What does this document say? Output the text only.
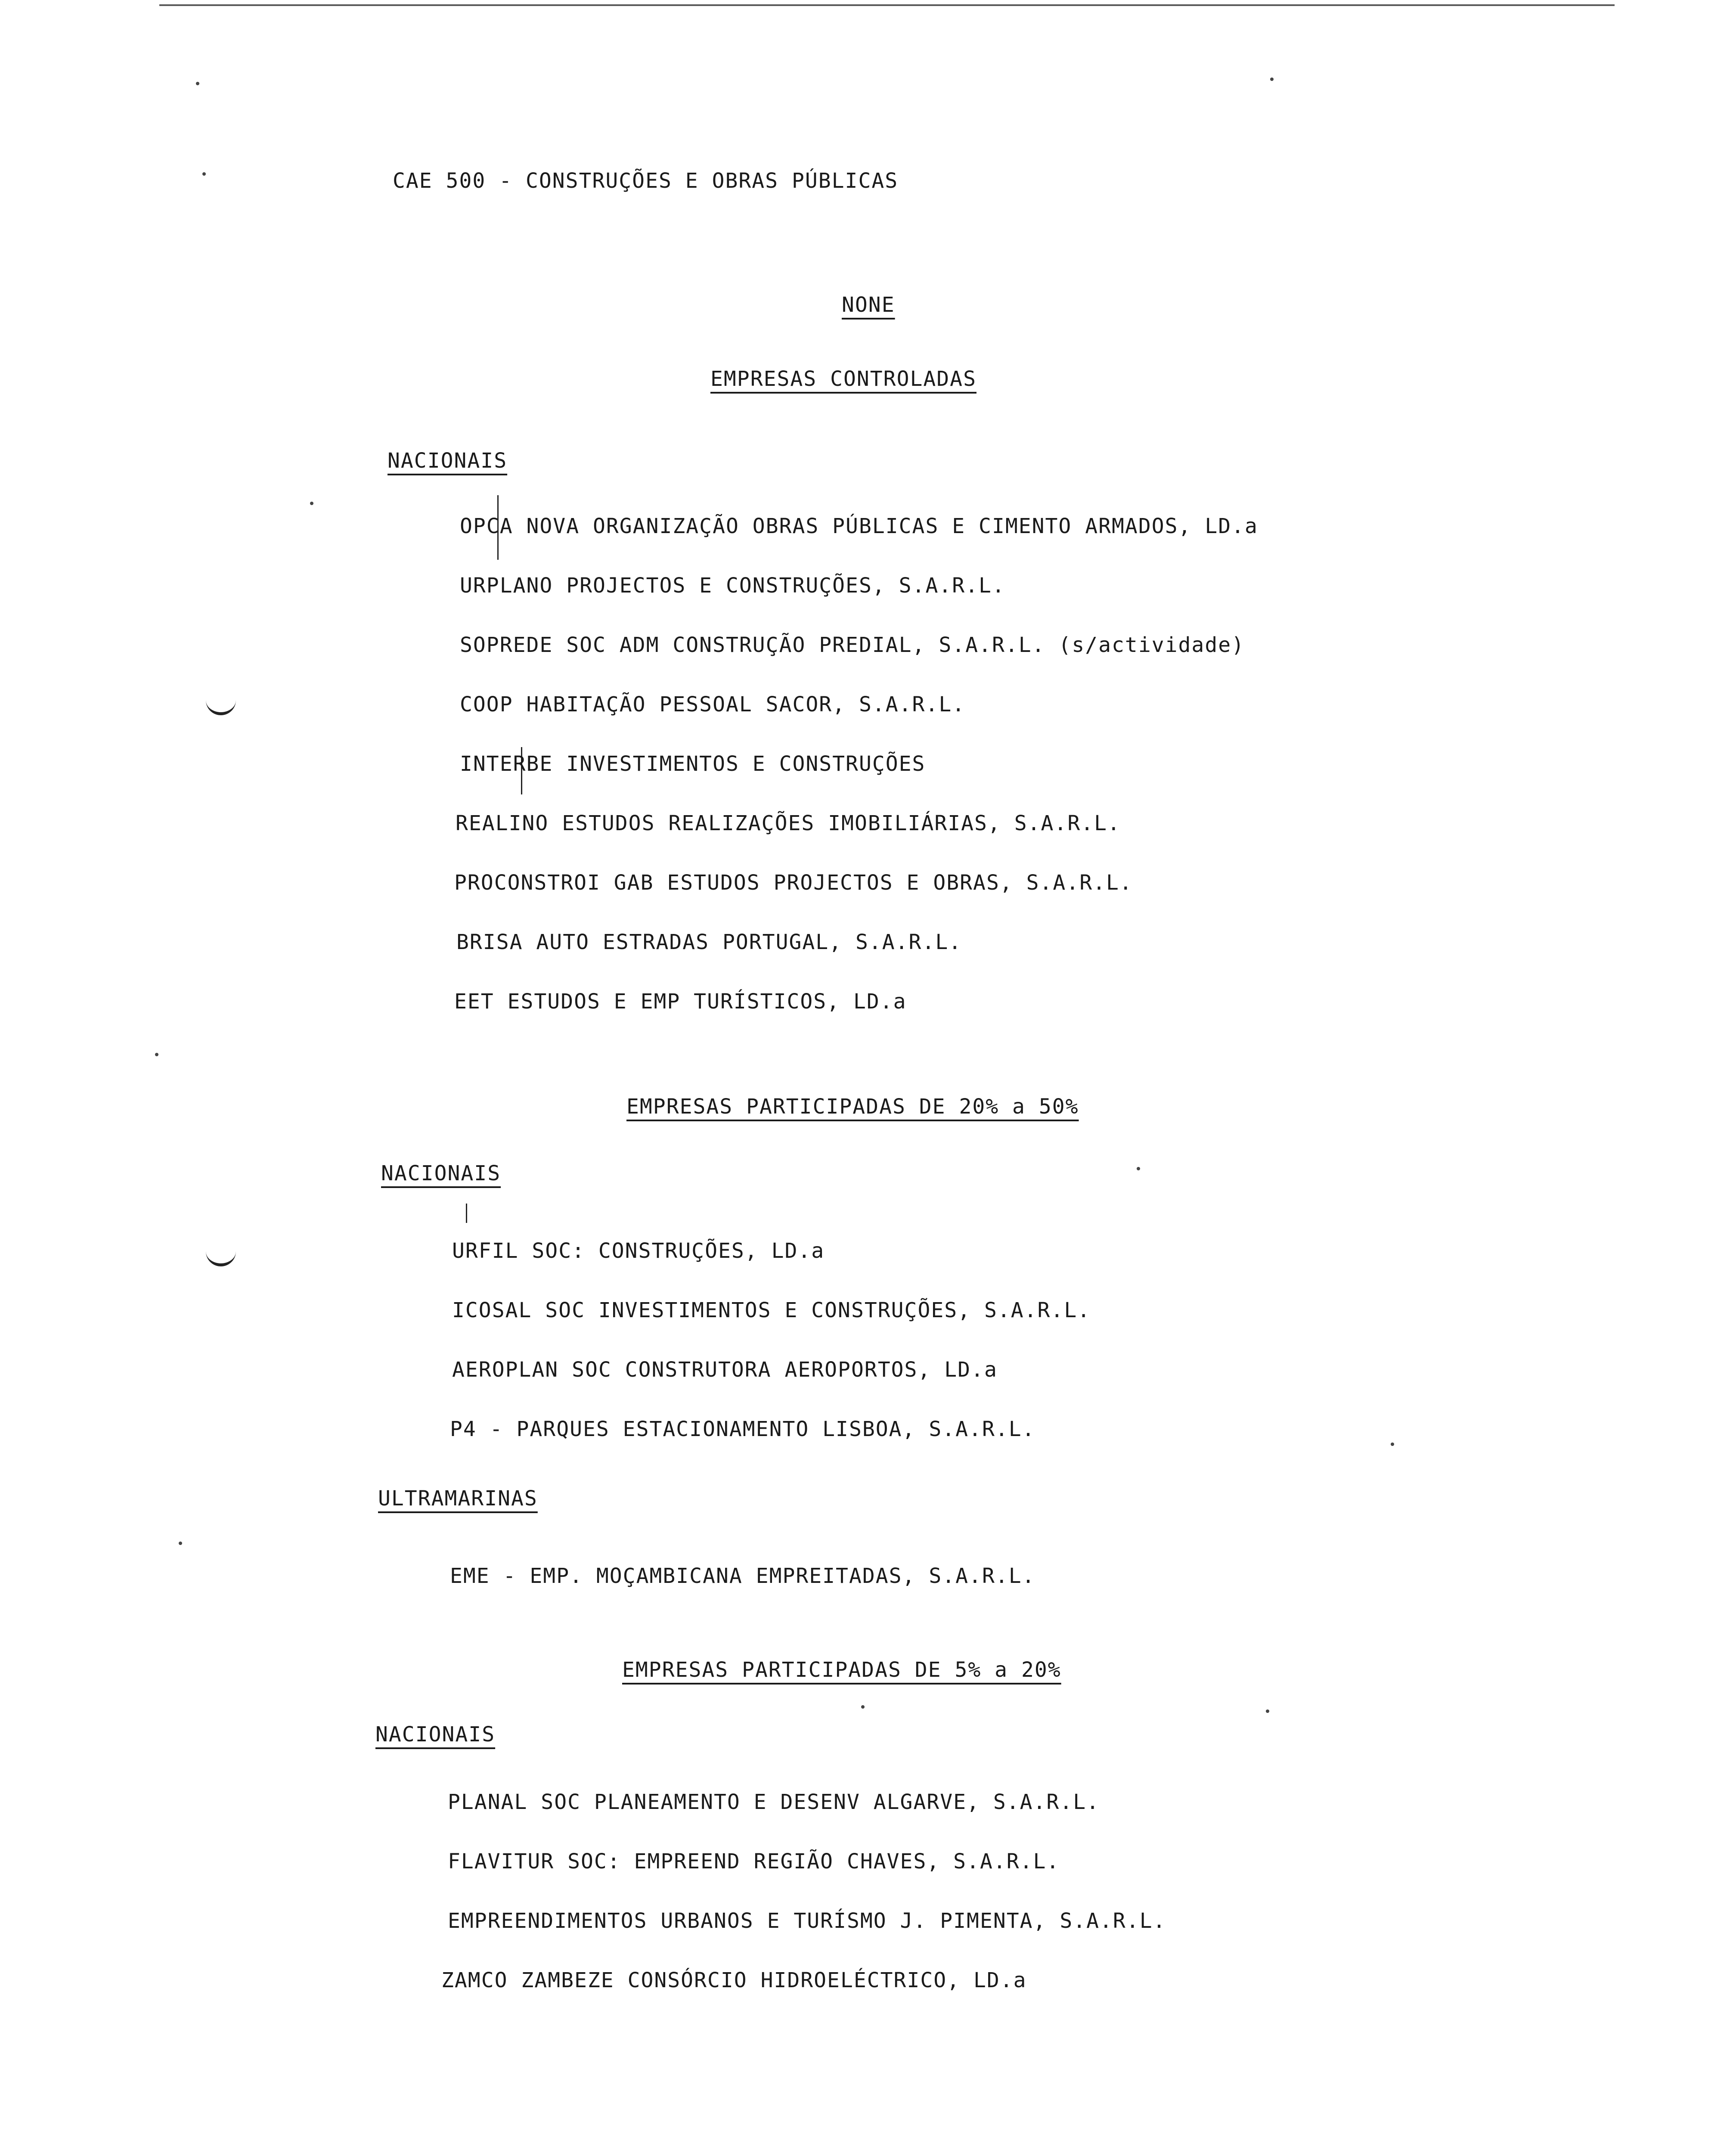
CAE 500 - CONSTRUÇÕES E OBRAS PÚBLICAS
NONE
EMPRESAS CONTROLADAS
NACIONAIS
OPCA NOVA ORGANIZAÇÃO OBRAS PÚBLICAS E CIMENTO ARMADOS, LD.a
URPLANO PROJECTOS E CONSTRUÇÕES, S.A.R.L.
SOPREDE SOC ADM CONSTRUÇÃO PREDIAL, S.A.R.L. (s/actividade)
COOP HABITAÇÃO PESSOAL SACOR, S.A.R.L.
INTERBE INVESTIMENTOS E CONSTRUÇÕES
REALINO ESTUDOS REALIZAÇÕES IMOBILIÁRIAS, S.A.R.L.
PROCONSTROI GAB ESTUDOS PROJECTOS E OBRAS, S.A.R.L.
BRISA AUTO ESTRADAS PORTUGAL, S.A.R.L.
EET ESTUDOS E EMP TURÍSTICOS, LD.a
EMPRESAS PARTICIPADAS DE 20% a 50%
NACIONAIS
URFIL SOC: CONSTRUÇÕES, LD.a
ICOSAL SOC INVESTIMENTOS E CONSTRUÇÕES, S.A.R.L.
AEROPLAN SOC CONSTRUTORA AEROPORTOS, LD.a
P4 - PARQUES ESTACIONAMENTO LISBOA, S.A.R.L.
ULTRAMARINAS
EME - EMP. MOÇAMBICANA EMPREITADAS, S.A.R.L.
EMPRESAS PARTICIPADAS DE 5% a 20%
NACIONAIS
PLANAL SOC PLANEAMENTO E DESENV ALGARVE, S.A.R.L.
FLAVITUR SOC: EMPREEND REGIÃO CHAVES, S.A.R.L.
EMPREENDIMENTOS URBANOS E TURÍSMO J. PIMENTA, S.A.R.L.
ZAMCO ZAMBEZE CONSÓRCIO HIDROELÉCTRICO, LD.a
